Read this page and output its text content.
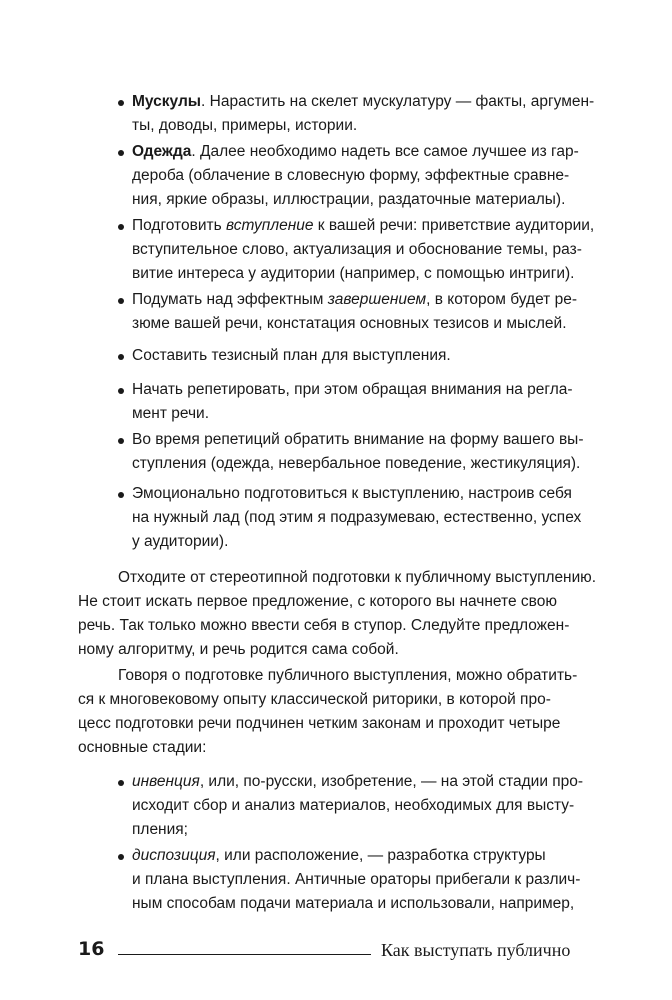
Мускулы. Нарастить на скелет мускулатуру — факты, аргумен-
ты, доводы, примеры, истории.
Одежда. Далее необходимо надеть все самое лучшее из гар-
дероба (облачение в словесную форму, эффектные сравне-
ния, яркие образы, иллюстрации, раздаточные материалы).
Подготовить вступление к вашей речи: приветствие аудитории,
вступительное слово, актуализация и обоснование темы, раз-
витие интереса у аудитории (например, с помощью интриги).
Подумать над эффектным завершением, в котором будет ре-
зюме вашей речи, констатация основных тезисов и мыслей.
Составить тезисный план для выступления.
Начать репетировать, при этом обращая внимания на регла-
мент речи.
Во время репетиций обратить внимание на форму вашего вы-
ступления (одежда, невербальное поведение, жестикуляция).
Эмоционально подготовиться к выступлению, настроив себя
на нужный лад (под этим я подразумеваю, естественно, успех
у аудитории).
Отходите от стереотипной подготовки к публичному выступлению.
Не стоит искать первое предложение, с которого вы начнете свою
речь. Так только можно ввести себя в ступор. Следуйте предложен-
ному алгоритму, и речь родится сама собой.
Говоря о подготовке публичного выступления, можно обратить-
ся к многовековому опыту классической риторики, в которой про-
цесс подготовки речи подчинен четким законам и проходит четыре
основные стадии:
инвенция, или, по-русски, изобретение, — на этой стадии про-
исходит сбор и анализ материалов, необходимых для высту-
пления;
диспозиция, или расположение, — разработка структуры
и плана выступления. Античные ораторы прибегали к различ-
ным способам подачи материала и использовали, например,
16	Как выступать публично
